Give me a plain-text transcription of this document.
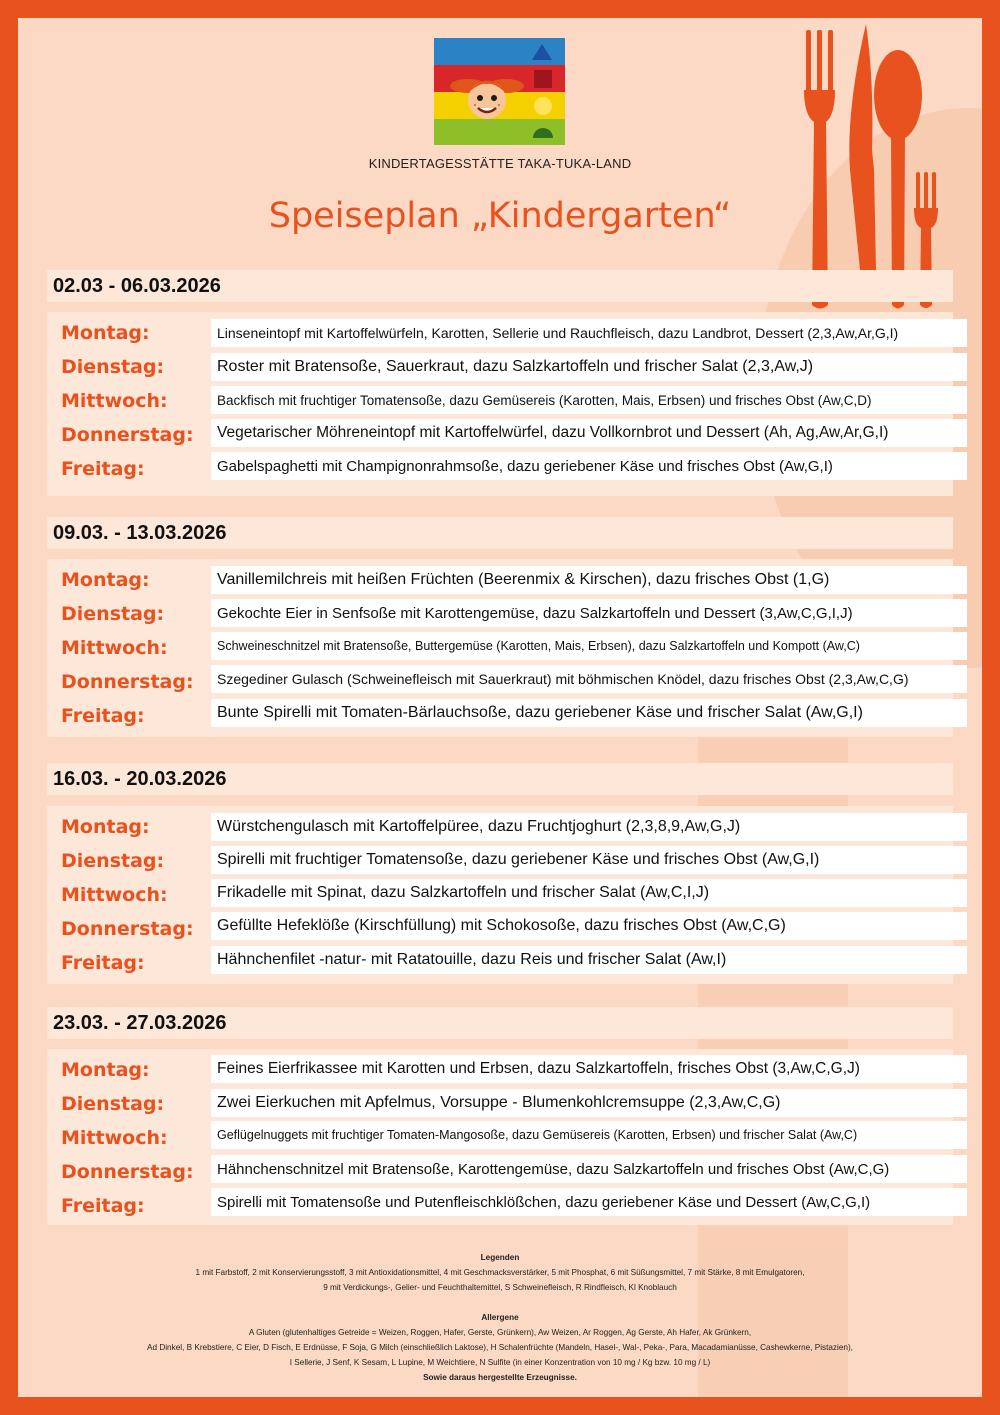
KINDERTAGESSTÄTTE TAKA-TUKA-LAND
Speiseplan „Kindergarten“
02.03 - 06.03.2026
Montag:	Linseneintopf mit Kartoffelwürfeln, Karotten, Sellerie und Rauchfleisch, dazu Landbrot, Dessert (2,3,Aw,Ar,G,I)
Dienstag:	Roster mit Bratensoße, Sauerkraut, dazu Salzkartoffeln und frischer Salat (2,3,Aw,J)
Mittwoch:	Backfisch mit fruchtiger Tomatensoße, dazu Gemüsereis (Karotten, Mais, Erbsen) und frisches Obst (Aw,C,D)
Donnerstag:	Vegetarischer Möhreneintopf mit Kartoffelwürfel, dazu Vollkornbrot und Dessert (Ah, Ag,Aw,Ar,G,I)
Freitag:	Gabelspaghetti mit Champignonrahmsoße, dazu geriebener Käse und frisches Obst (Aw,G,I)
09.03. - 13.03.2026
Montag:	Vanillemilchreis mit heißen Früchten (Beerenmix & Kirschen), dazu frisches Obst (1,G)
Dienstag:	Gekochte Eier in Senfsoße mit Karottengemüse, dazu Salzkartoffeln und Dessert (3,Aw,C,G,I,J)
Mittwoch:	Schweineschnitzel mit Bratensoße, Buttergemüse (Karotten, Mais, Erbsen), dazu Salzkartoffeln und Kompott (Aw,C)
Donnerstag:	Szegediner Gulasch (Schweinefleisch mit Sauerkraut) mit böhmischen Knödel, dazu frisches Obst (2,3,Aw,C,G)
Freitag:	Bunte Spirelli mit Tomaten-Bärlauchsoße, dazu geriebener Käse und frischer Salat (Aw,G,I)
16.03. - 20.03.2026
Montag:	Würstchengulasch mit Kartoffelpüree, dazu Fruchtjoghurt (2,3,8,9,Aw,G,J)
Dienstag:	Spirelli mit fruchtiger Tomatensoße, dazu geriebener Käse und frisches Obst (Aw,G,I)
Mittwoch:	Frikadelle mit Spinat, dazu Salzkartoffeln und frischer Salat (Aw,C,I,J)
Donnerstag:	Gefüllte Hefeklöße (Kirschfüllung) mit Schokosoße, dazu frisches Obst (Aw,C,G)
Freitag:	Hähnchenfilet -natur- mit Ratatouille, dazu Reis und frischer Salat (Aw,I)
23.03. - 27.03.2026
Montag:	Feines Eierfrikassee mit Karotten und Erbsen, dazu Salzkartoffeln, frisches Obst (3,Aw,C,G,J)
Dienstag:	Zwei Eierkuchen mit Apfelmus, Vorsuppe - Blumenkohlcremsuppe (2,3,Aw,C,G)
Mittwoch:	Geflügelnuggets mit fruchtiger Tomaten-Mangosoße, dazu Gemüsereis (Karotten, Erbsen) und frischer Salat (Aw,C)
Donnerstag:	Hähnchenschnitzel mit Bratensoße, Karottengemüse, dazu Salzkartoffeln und frisches Obst (Aw,C,G)
Freitag:	Spirelli mit Tomatensoße und Putenfleischklößchen, dazu geriebener Käse und Dessert (Aw,C,G,I)
Legenden
1 mit Farbstoff, 2 mit Konservierungsstoff, 3 mit Antioxidationsmittel, 4 mit Geschmacksverstärker, 5 mit Phosphat, 6 mit Süßungsmittel, 7 mit Stärke, 8 mit Emulgatoren,
9 mit Verdickungs-, Gelier- und Feuchthaltemittel, S Schweinefleisch, R Rindfleisch, Kl Knoblauch
Allergene
A Gluten (glutenhaltiges Getreide = Weizen, Roggen, Hafer, Gerste, Grünkern), Aw Weizen, Ar Roggen, Ag Gerste, Ah Hafer, Ak Grünkern,
Ad Dinkel, B Krebstiere, C Eier, D Fisch, E Erdnüsse, F Soja, G Milch (einschließlich Laktose), H Schalenfrüchte (Mandeln, Hasel-, Wal-, Peka-, Para, Macadamianüsse, Cashewkerne, Pistazien),
I Sellerie, J Senf, K Sesam, L Lupine, M Weichtiere, N Sulfite (in einer Konzentration von 10 mg / Kg bzw. 10 mg / L)
Sowie daraus hergestellte Erzeugnisse.
